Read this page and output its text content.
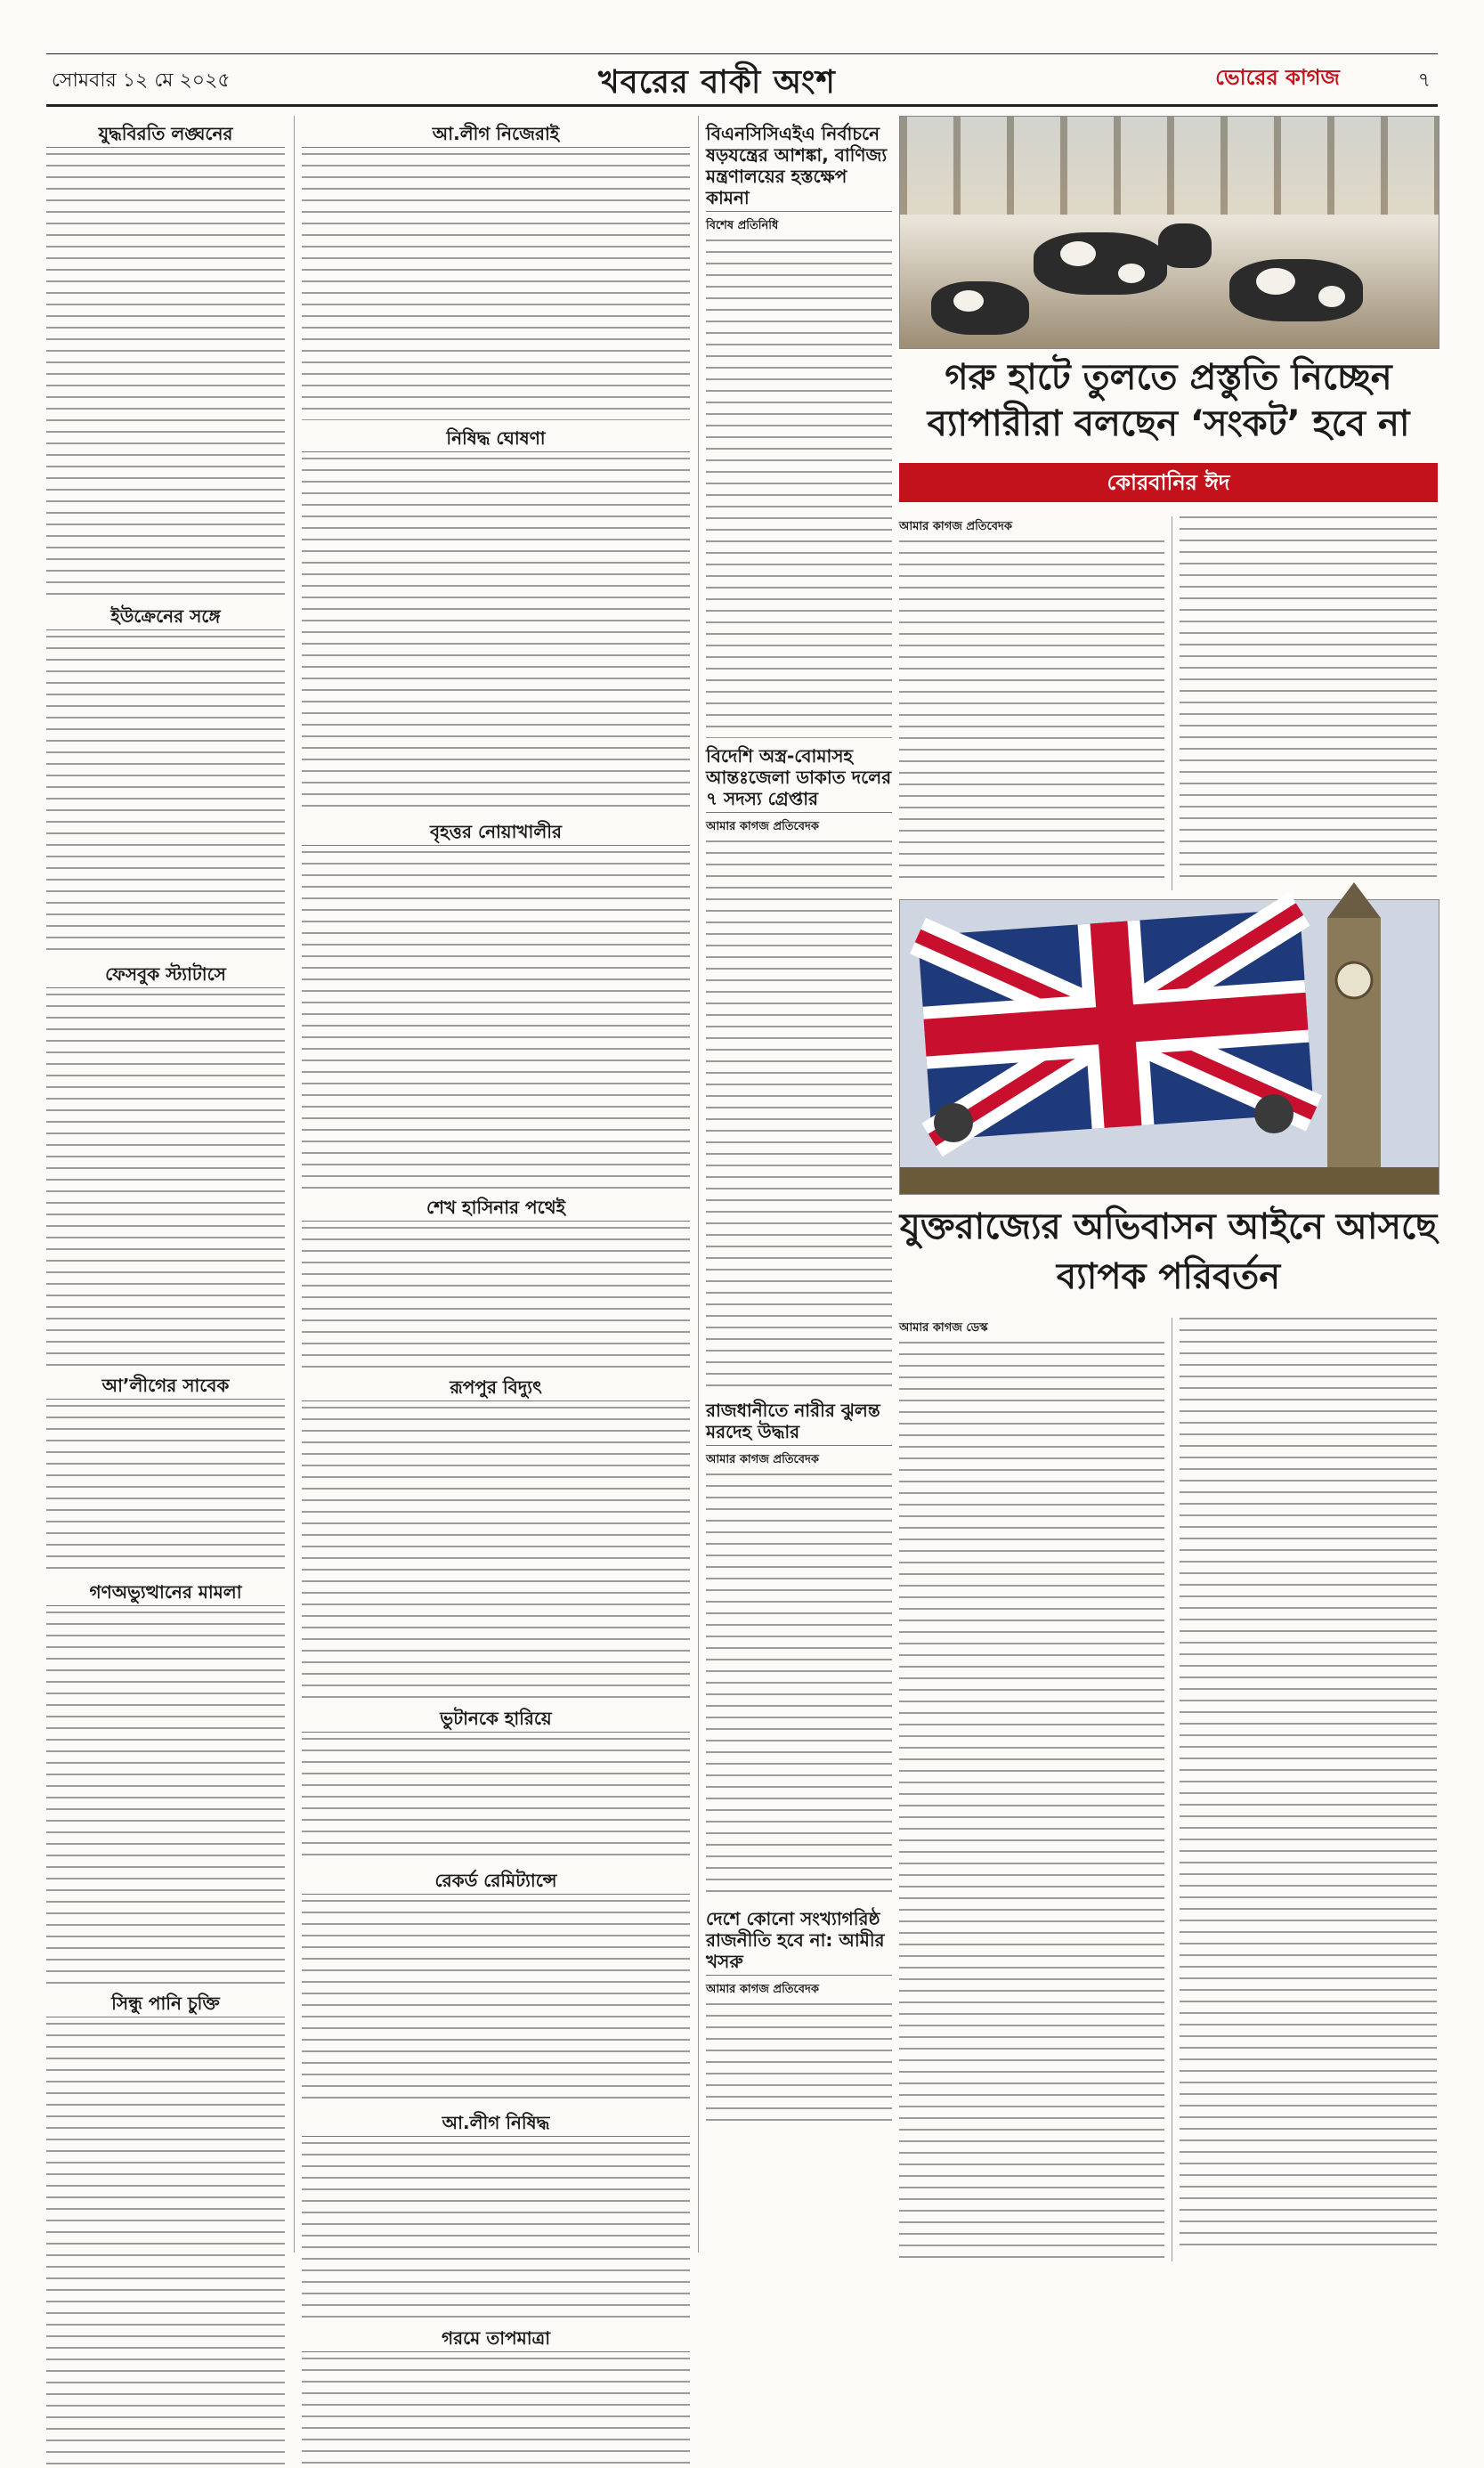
সোমবার ১২ মে ২০২৫	খবরের বাকী অংশ	ভোরের কাগজ	৭
যুদ্ধবিরতি লঙ্ঘনের
ইউক্রেনের সঙ্গে
ফেসবুক স্ট্যাটাসে
আ’লীগের সাবেক
গণঅভ্যুত্থানের মামলা
সিন্ধু পানি চুক্তি
আ.লীগ নিজেরাই
নিষিদ্ধ ঘোষণা
বৃহত্তর নোয়াখালীর
শেখ হাসিনার পথেই
রূপপুর বিদ্যুৎ
ভুটানকে হারিয়ে
রেকর্ড রেমিট্যান্সে
আ.লীগ নিষিদ্ধ
গরমে তাপমাত্রা
বিএনসিসিএইএ নির্বাচনে ষড়যন্ত্রের আশঙ্কা, বাণিজ্য মন্ত্রণালয়ের হস্তক্ষেপ কামনা
বিশেষ প্রতিনিধি
বিদেশি অস্ত্র-বোমাসহ আন্তঃজেলা ডাকাত দলের ৭ সদস্য গ্রেপ্তার
আমার কাগজ প্রতিবেদক
রাজধানীতে নারীর ঝুলন্ত মরদেহ উদ্ধার
আমার কাগজ প্রতিবেদক
দেশে কোনো সংখ্যাগরিষ্ঠ রাজনীতি হবে না: আমীর খসরু
আমার কাগজ প্রতিবেদক
গরু হাটে তুলতে প্রস্তুতি নিচ্ছেন ব্যাপারীরা বলছেন ‘সংকট’ হবে না
কোরবানির ঈদ
আমার কাগজ প্রতিবেদক
যুক্তরাজ্যের অভিবাসন আইনে আসছে ব্যাপক পরিবর্তন
আমার কাগজ ডেস্ক
